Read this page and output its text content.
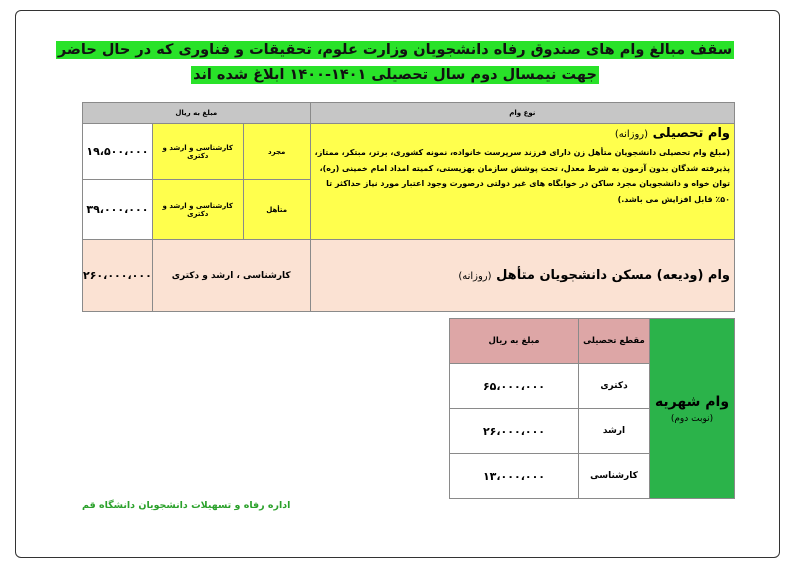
سقف مبالغ وام های صندوق رفاه دانشجویان وزارت علوم، تحقیقات و فناوری که در حال حاضر جهت نیمسال دوم سال تحصیلی ۱۴۰۱-۱۴۰۰ ابلاغ شده اند
نوع وام	مبلغ به ریال		

وام تحصیلی (روزانه)
(مبلغ وام تحصیلی دانشجویان متأهل زن دارای فرزند سرپرست خانواده، نمونه کشوری، برتر، مبتکر، ممتاز، پذیرفته شدگان بدون آزمون به شرط معدل، تحت پوشش سازمان بهزیستی، کمیته امداد امام خمینی (ره)، توان خواه و دانشجویان مجرد ساکن در خوابگاه های غیر دولتی درصورت وجود اعتبار مورد نیاز حداکثر تا ۵۰٪ قابل افزایش می باشد.)	مجرد	کارشناسی و ارشد و دکتری	۱۹،۵۰۰،۰۰۰
	متأهل	کارشناسی و ارشد و دکتری	۳۹،۰۰۰،۰۰۰
وام (ودیعه) مسکن دانشجویان متأهل (روزانه)	کارشناسی ، ارشد و دکتری		۲۶۰،۰۰۰،۰۰۰
وام شهریه
(نوبت دوم)	مقطع تحصیلی	مبلغ به ریال
	دکتری	۶۵،۰۰۰،۰۰۰
	ارشد	۲۶،۰۰۰،۰۰۰
	کارشناسی	۱۳،۰۰۰،۰۰۰
اداره رفاه و تسهیلات دانشجویان دانشگاه قم
